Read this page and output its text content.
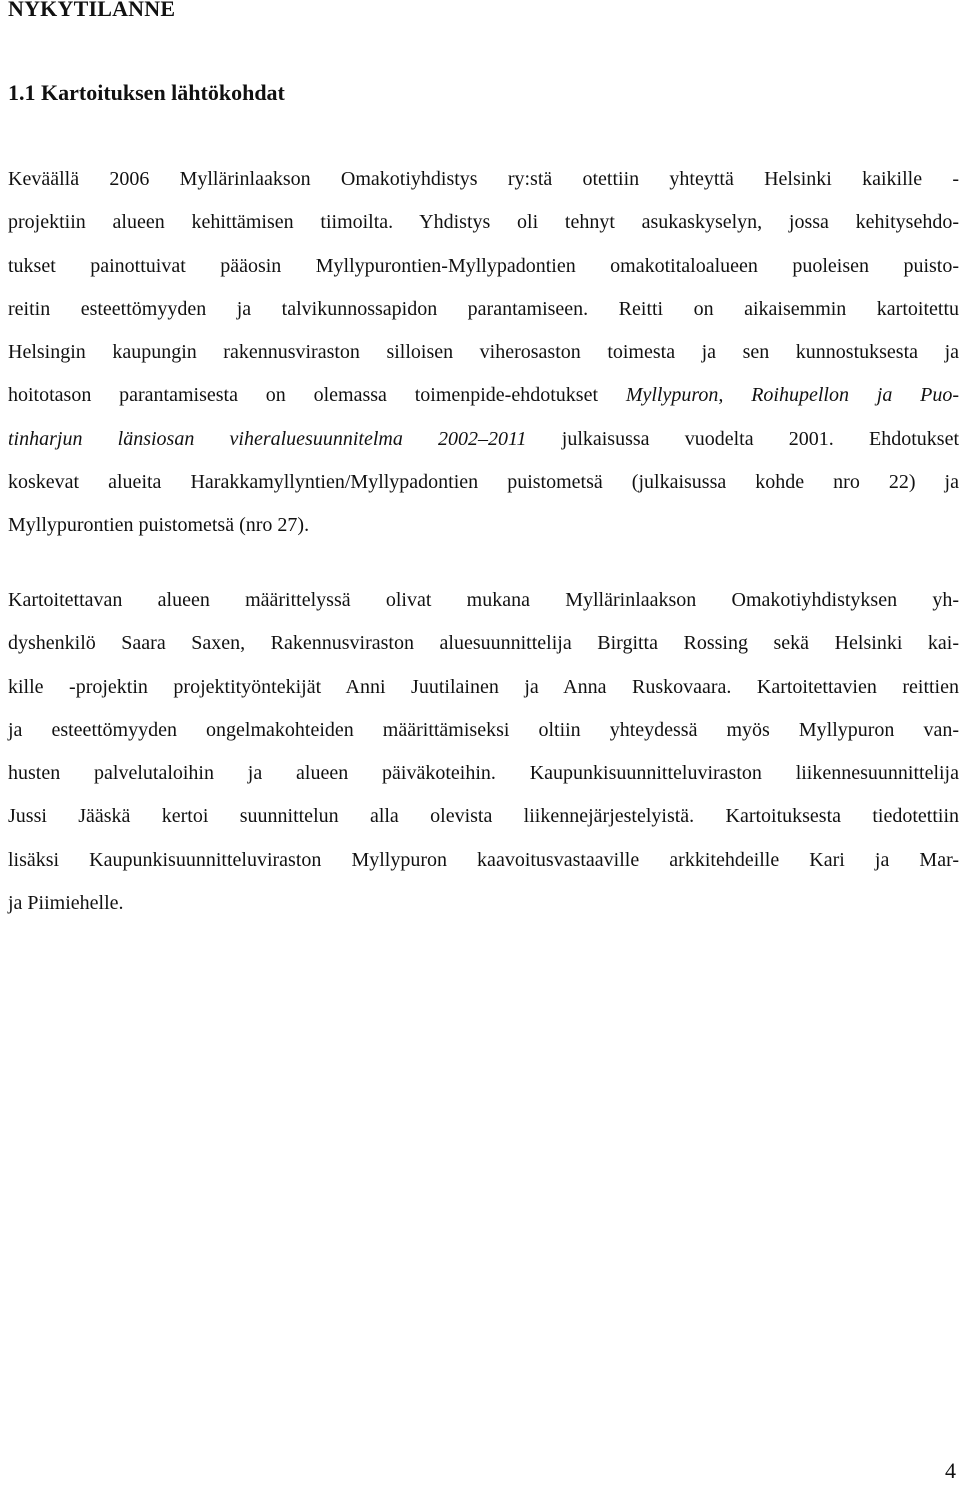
NYKYTILANNE
1.1 Kartoituksen lähtökohdat

Keväällä 2006 Myllärinlaakson Omakotiyhdistys ry:stä otettiin yhteyttä Helsinki kaikille -
projektiin alueen kehittämisen tiimoilta. Yhdistys oli tehnyt asukaskyselyn, jossa kehitysehdo-
tukset painottuivat pääosin Myllypurontien-Myllypadontien omakotitaloalueen puoleisen puisto-
reitin esteettömyyden ja talvikunnossapidon parantamiseen. Reitti on aikaisemmin kartoitettu
Helsingin kaupungin rakennusviraston silloisen viherosaston toimesta ja sen kunnostuksesta ja
hoitotason parantamisesta on olemassa toimenpide-ehdotukset Myllypuron, Roihupellon ja Puo-
tinharjun länsiosan viheraluesuunnitelma 2002–2011 julkaisussa vuodelta 2001. Ehdotukset
koskevat alueita Harakkamyllyntien/Myllypadontien puistometsä (julkaisussa kohde nro 22) ja
Myllypurontien puistometsä (nro 27).

Kartoitettavan alueen määrittelyssä olivat mukana Myllärinlaakson Omakotiyhdistyksen yh-
dyshenkilö Saara Saxen, Rakennusviraston aluesuunnittelija Birgitta Rossing sekä Helsinki kai-
kille -projektin projektityöntekijät Anni Juutilainen ja Anna Ruskovaara. Kartoitettavien reittien
ja esteettömyyden ongelmakohteiden määrittämiseksi oltiin yhteydessä myös Myllypuron van-
husten palvelutaloihin ja alueen päiväkoteihin. Kaupunkisuunnitteluviraston liikennesuunnittelija
Jussi Jääskä kertoi suunnittelun alla olevista liikennejärjestelyistä. Kartoituksesta tiedotettiin
lisäksi Kaupunkisuunnitteluviraston Myllypuron kaavoitusvastaaville arkkitehdeille Kari ja Mar-
ja Piimiehelle.

4
